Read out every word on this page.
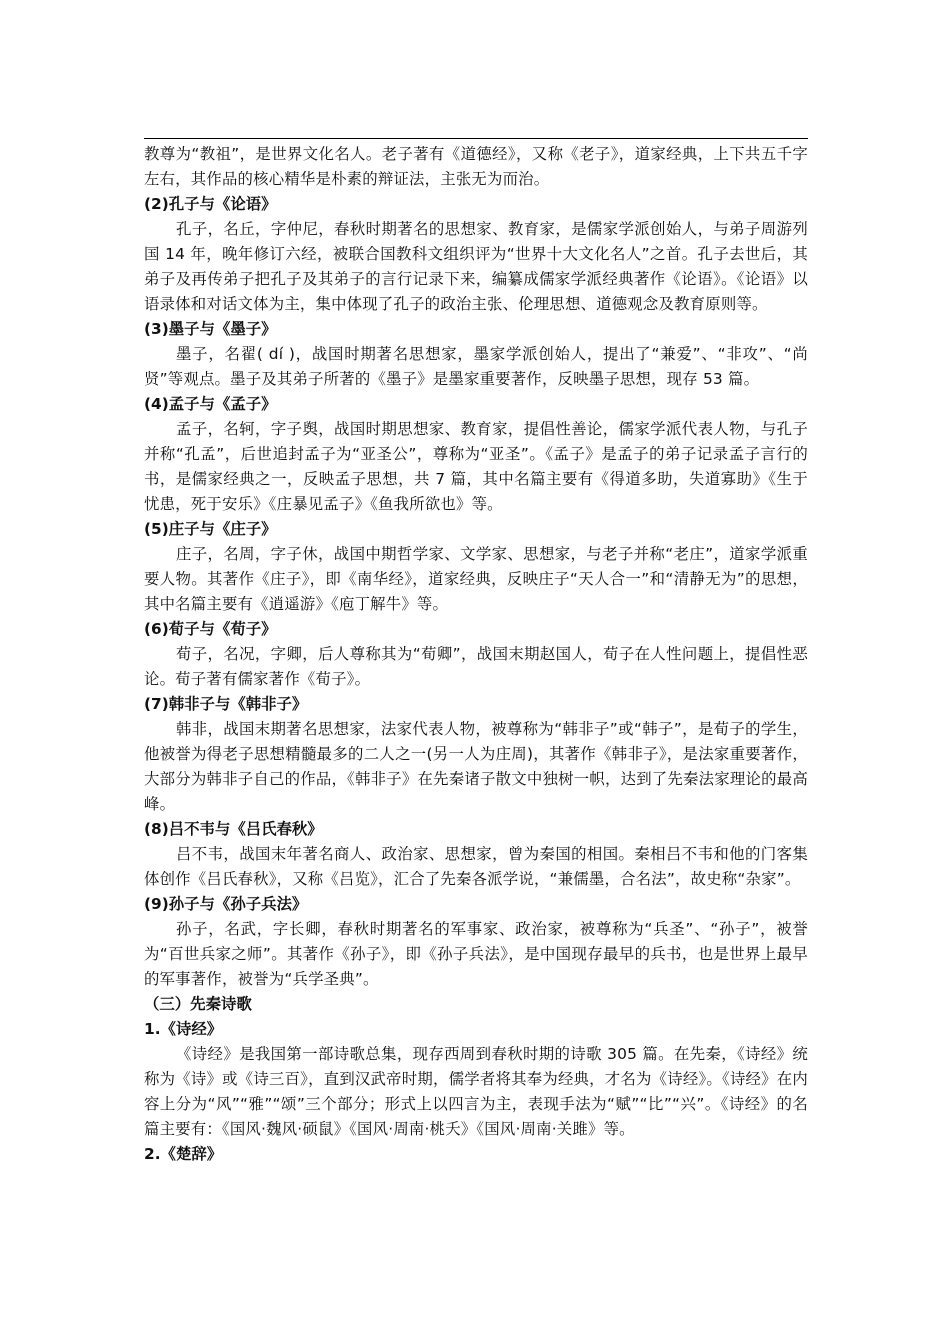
教尊为“教祖”，是世界文化名人。老子著有《道德经》，又称《老子》，道家经典，上下共五千字左右，其作品的核心精华是朴素的辩证法，主张无为而治。

(2)孔子与《论语》

孔子，名丘，字仲尼，春秋时期著名的思想家、教育家，是儒家学派创始人，与弟子周游列国 14 年，晚年修订六经，被联合国教科文组织评为“世界十大文化名人”之首。孔子去世后，其弟子及再传弟子把孔子及其弟子的言行记录下来，编纂成儒家学派经典著作《论语》。《论语》以语录体和对话文体为主，集中体现了孔子的政治主张、伦理思想、道德观念及教育原则等。

(3)墨子与《墨子》

墨子，名翟( dí )，战国时期著名思想家，墨家学派创始人，提出了“兼爱”、“非攻”、“尚贤”等观点。墨子及其弟子所著的《墨子》是墨家重要著作，反映墨子思想，现存 53 篇。

(4)孟子与《孟子》

孟子，名轲，字子舆，战国时期思想家、教育家，提倡性善论，儒家学派代表人物，与孔子并称“孔孟”，后世追封孟子为“亚圣公”，尊称为“亚圣”。《孟子》是孟子的弟子记录孟子言行的书，是儒家经典之一，反映孟子思想，共 7 篇，其中名篇主要有《得道多助，失道寡助》《生于忧患，死于安乐》《庄暴见孟子》《鱼我所欲也》等。

(5)庄子与《庄子》

庄子，名周，字子休，战国中期哲学家、文学家、思想家，与老子并称“老庄”，道家学派重要人物。其著作《庄子》，即《南华经》，道家经典，反映庄子“天人合一”和“清静无为”的思想，其中名篇主要有《逍遥游》《庖丁解牛》等。

(6)荀子与《荀子》

荀子，名况，字卿，后人尊称其为“荀卿”，战国末期赵国人，荀子在人性问题上，提倡性恶论。荀子著有儒家著作《荀子》。

(7)韩非子与《韩非子》

韩非，战国末期著名思想家，法家代表人物，被尊称为“韩非子”或“韩子”，是荀子的学生，他被誉为得老子思想精髓最多的二人之一(另一人为庄周)，其著作《韩非子》，是法家重要著作，大部分为韩非子自己的作品，《韩非子》在先秦诸子散文中独树一帜，达到了先秦法家理论的最高峰。

(8)吕不韦与《吕氏春秋》

吕不韦，战国末年著名商人、政治家、思想家，曾为秦国的相国。秦相吕不韦和他的门客集体创作《吕氏春秋》，又称《吕览》，汇合了先秦各派学说，“兼儒墨，合名法”，故史称“杂家”。

(9)孙子与《孙子兵法》

孙子，名武，字长卿，春秋时期著名的军事家、政治家，被尊称为“兵圣”、“孙子”，被誉为“百世兵家之师”。其著作《孙子》，即《孙子兵法》，是中国现存最早的兵书，也是世界上最早的军事著作，被誉为“兵学圣典”。

（三）先秦诗歌

1.《诗经》

《诗经》是我国第一部诗歌总集，现存西周到春秋时期的诗歌 305 篇。在先秦，《诗经》统称为《诗》或《诗三百》，直到汉武帝时期，儒学者将其奉为经典，才名为《诗经》。《诗经》在内容上分为“风”“雅”“颂”三个部分；形式上以四言为主，表现手法为“赋”“比”“兴”。《诗经》的名篇主要有：《国风·魏风·硕鼠》《国风·周南·桃夭》《国风·周南·关雎》等。

2.《楚辞》
